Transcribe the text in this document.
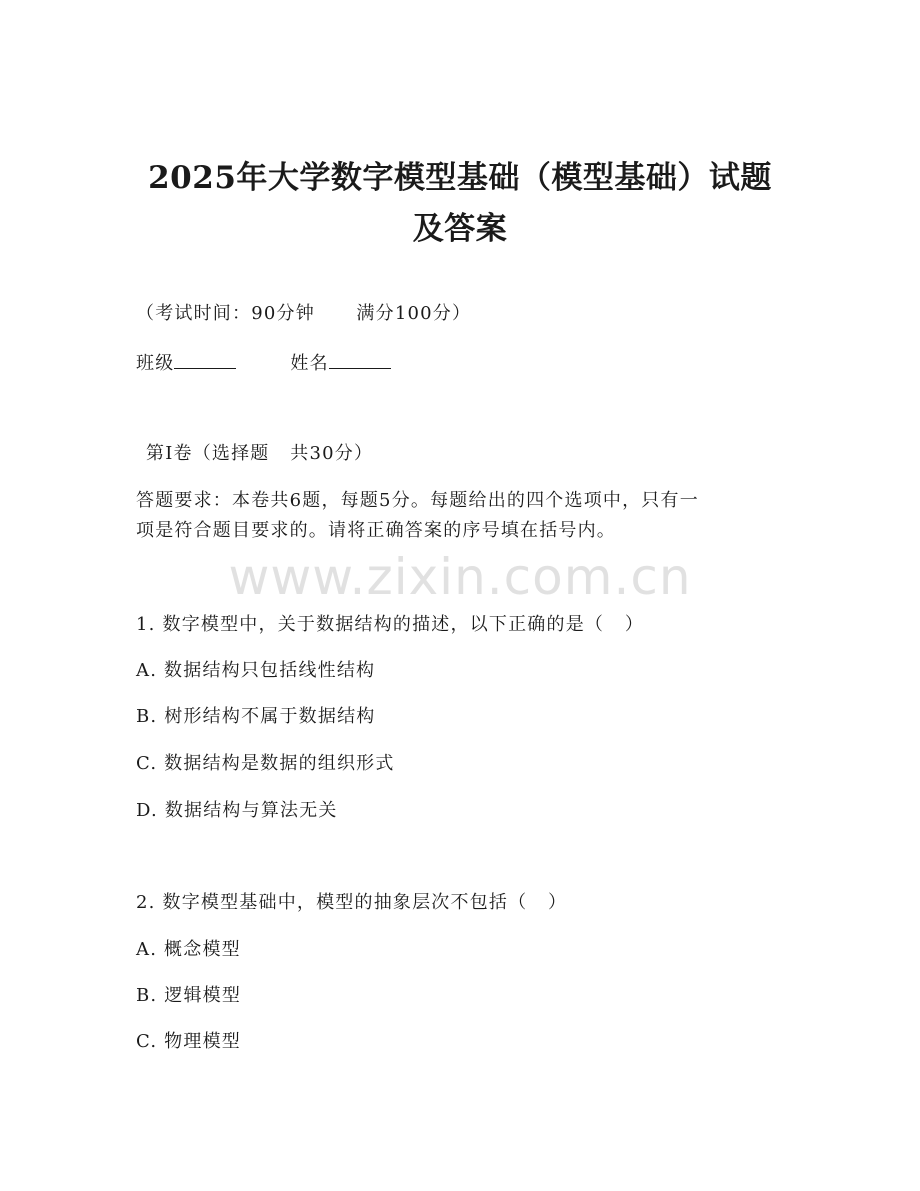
2025年大学数字模型基础（模型基础）试题
及答案
（考试时间：90分钟      满分100分）
班级	姓名
第I卷（选择题   共30分）
答题要求：本卷共6题，每题5分。每题给出的四个选项中，只有一
项是符合题目要求的。请将正确答案的序号填在括号内。
www.zixin.com.cn
1. 数字模型中，关于数据结构的描述，以下正确的是（   ）
A. 数据结构只包括线性结构
B. 树形结构不属于数据结构
C. 数据结构是数据的组织形式
D. 数据结构与算法无关
2. 数字模型基础中，模型的抽象层次不包括（   ）
A. 概念模型
B. 逻辑模型
C. 物理模型
